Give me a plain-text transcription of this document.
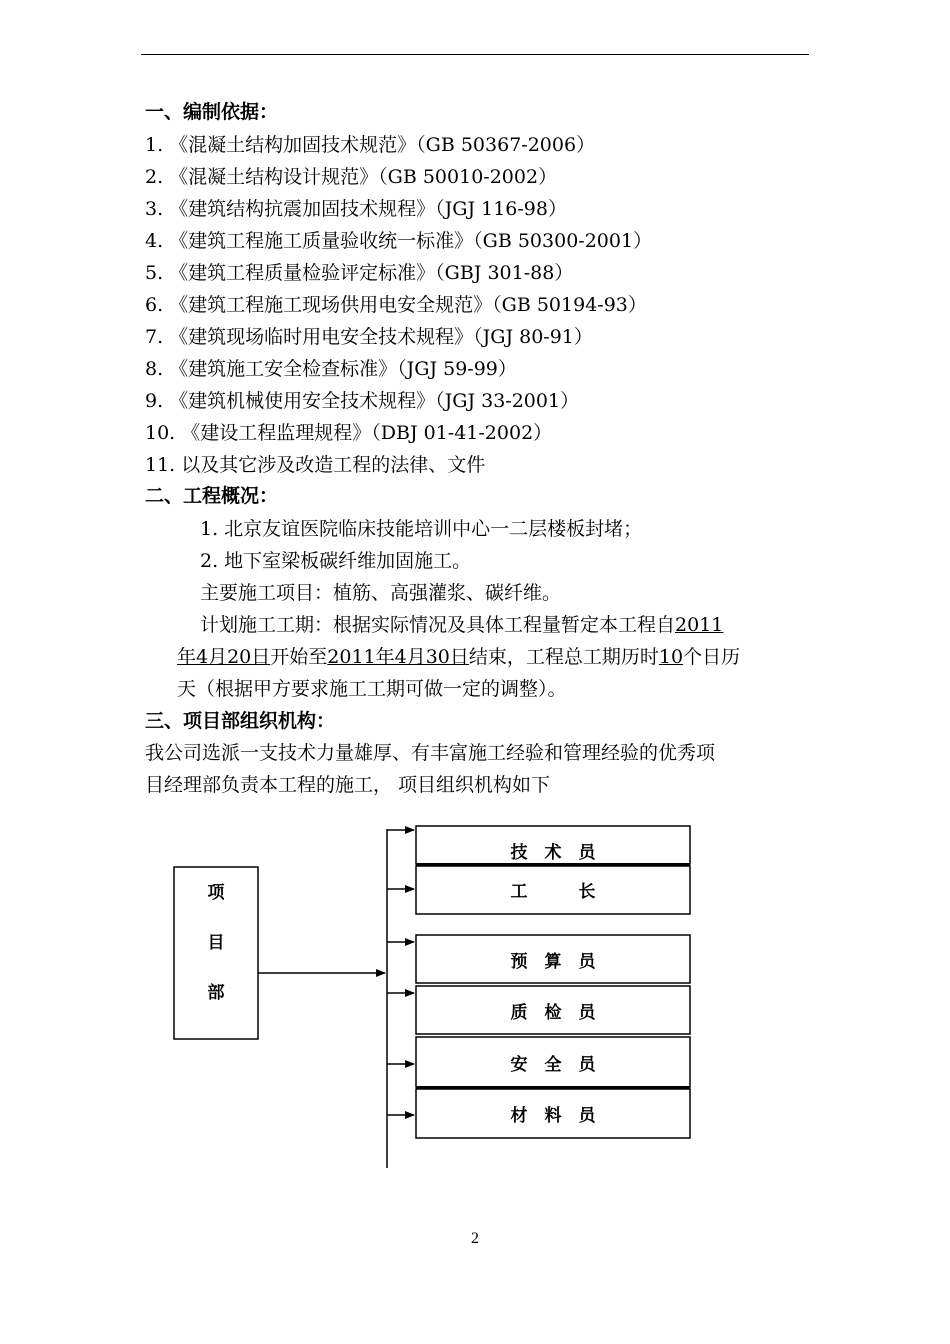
一、编制依据：
1. 《混凝土结构加固技术规范》（GB 50367-2006）
2. 《混凝土结构设计规范》（GB 50010-2002）
3. 《建筑结构抗震加固技术规程》（JGJ 116-98）
4. 《建筑工程施工质量验收统一标准》（GB 50300-2001）
5. 《建筑工程质量检验评定标准》（GBJ 301-88）
6. 《建筑工程施工现场供用电安全规范》（GB 50194-93）
7. 《建筑现场临时用电安全技术规程》（JGJ 80-91）
8. 《建筑施工安全检查标准》（JGJ 59-99）
9. 《建筑机械使用安全技术规程》（JGJ 33-2001）
10. 《建设工程监理规程》（DBJ 01-41-2002）
11. 以及其它涉及改造工程的法律、文件
二、工程概况：
1. 北京友谊医院临床技能培训中心一二层楼板封堵；
2. 地下室梁板碳纤维加固施工。
主要施工项目：植筋、高强灌浆、碳纤维。
计划施工工期：根据实际情况及具体工程量暂定本工程自2011
年4月20日开始至2011年4月30日结束，工程总工期历时10个日历
天（根据甲方要求施工工期可做一定的调整）。
三、项目部组织机构：
我公司选派一支技术力量雄厚、有丰富施工经验和管理经验的优秀项
目经理部负责本工程的施工， 项目组织机构如下
项
目
部
技　术　员
工　　　长
预　算　员
质　检　员
安　全　员
材　料　员
2
